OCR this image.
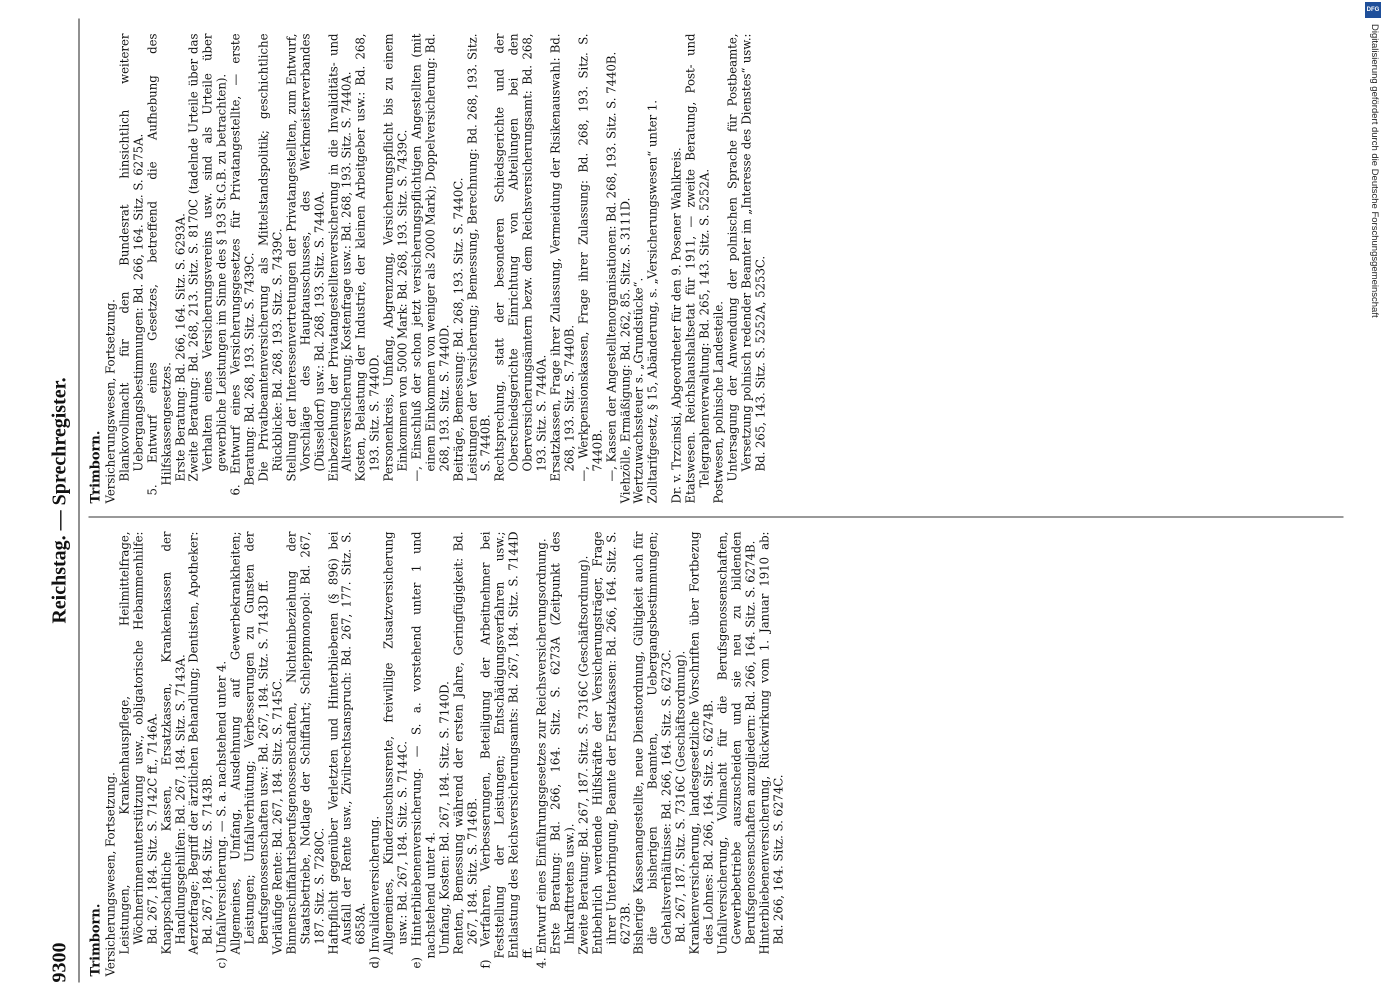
9300
Reichstag. — Sprechregister.
Trimborn. Versicherungswesen, Fortsetzung. Leistungen, Krankenhauspflege, Heilmittelfrage, Wöchnerinnenunterstützung usw., obligatorische Hebammenhilfe: Bd. 267, 184. Sitz. S. 7142C ff., 7146A. Knappschaftliche Kassen, Ersatzkassen, Krankenkassen der Handlungsgehilfen: Bd. 267, 184. Sitz. S. 7143A. Aerztefrage; Begriff der ärztlichen Behandlung; Dentisten, Apotheker: Bd. 267, 184. Sitz. S. 7143B. c) Unfallversicherung. — S. a. nachstehend unter 4. Allgemeines, Umfang, Ausdehnung auf Gewerbekrankheiten; Leistungen; Unfallverhütung; Verbesserungen zu Gunsten der Berufsgenossenschaften usw.: Bd. 267, 184. Sitz. S. 7143D ff. Vorläufige Rente: Bd. 267, 184. Sitz. S. 7145C. Binnenschiffahrtsberufsgenossenschaften, Nichteinbeziehung der Staatsbetriebe, Notlage der Schiffahrt; Schleppmonopol: Bd. 267, 187. Sitz. S. 7280C. Haftpflicht gegenüber Verletzten und Hinterbliebenen (§ 896) bei Ausfall der Rente usw., Zivilrechtsanspruch: Bd. 267, 177. Sitz. S. 6858A. d) Invalidenversicherung. Allgemeines, Kinderzuschussrente, freiwillige Zusatzversicherung usw.: Bd. 267, 184. Sitz. S. 7144C. e) Hinterbliebenenversicherung. — S. a. vorstehend unter 1 und nachstehend unter 4. Umfang, Kosten: Bd. 267, 184. Sitz. S. 7140D. Renten, Bemessung während der ersten Jahre, Geringfügigkeit: Bd. 267, 184. Sitz. S. 7146B. f) Verfahren, Verbesserungen, Beteiligung der Arbeitnehmer bei Feststellung der Leistungen; Entschädigungsverfahren usw.; Entlastung des Reichsversicherungsamts: Bd. 267, 184. Sitz. S. 7144D ff. 4. Entwurf eines Einführungsgesetzes zur Reichsversicherungsordnung. Erste Beratung: Bd. 266, 164. Sitz. S. 6273A (Zeitpunkt des Inkrafttretens usw.). Zweite Beratung: Bd. 267, 187. Sitz. S. 7316C (Geschäftsordnung). Entbehrlich werdende Hilfskräfte der Versicherungsträger, Frage ihrer Unterbringung, Beamte der Ersatzkassen: Bd. 266, 164. Sitz. S. 6273B. Bisherige Kassenangestellte, neue Dienstordnung, Gültigkeit auch für die bisherigen Beamten, Uebergangsbestimmungen; Gehaltsverhältnisse: Bd. 266, 164. Sitz. S. 6273C. Bd. 267, 187. Sitz. S. 7316C (Geschäftsordnung). Krankenversicherung, landesgesetzliche Vorschriften über Fortbezug des Lohnes: Bd. 266, 164. Sitz. S. 6274B. Unfallversicherung, Vollmacht für die Berufsgenossenschaften, Gewerbebetriebe auszuscheiden und sie neu zu bildenden Berufsgenossenschaften anzugliedern: Bd. 266, 164. Sitz. S. 6274B. Hinterbliebenenversicherung, Rückwirkung vom 1. Januar 1910 ab: Bd. 266, 164. Sitz. S. 6274C.

Trimborn. Versicherungswesen, Fortsetzung. Blankovollmacht für den Bundesrat hinsichtlich weiterer Uebergangsbestimmungen: Bd. 266, 164. Sitz. S. 6275A. 5. Entwurf eines Gesetzes, betreffend die Aufhebung des Hilfskassengesetzes. Erste Beratung: Bd. 266, 164. Sitz. S. 6293A. Zweite Beratung: Bd. 268, 213. Sitz. S. 8170C (tadelnde Urteile über das Verhalten eines Versicherungsvereins usw. sind als Urteile über gewerbliche Leistungen im Sinne des § 193 St.G.B. zu betrachten). 6. Entwurf eines Versicherungsgesetzes für Privatangestellte, — erste Beratung: Bd. 268, 193. Sitz. S. 7439C. Die Privatbeamtenversicherung als Mittelstandspolitik; geschichtliche Rückblicke: Bd. 268, 193. Sitz. S. 7439C. Stellung der Interessenvertretungen der Privatangestellten, zum Entwurf, Vorschläge des Hauptausschusses, des Werkmeisterverbandes (Düsseldorf) usw.: Bd. 268, 193. Sitz. S. 7440A. Einbeziehung der Privatangestelltenversicherung in die Invaliditäts- und Altersversicherung; Kostenfrage usw.: Bd. 268, 193. Sitz. S. 7440A. Kosten, Belastung der Industrie, der kleinen Arbeitgeber usw.: Bd. 268, 193. Sitz. S. 7440D. Personenkreis, Umfang, Abgrenzung, Versicherungspflicht bis zu einem Einkommen von 5000 Mark: Bd. 268, 193. Sitz. S. 7439C. —, Einschluß der schon jetzt versicherungspflichtigen Angestellten (mit einem Einkommen von weniger als 2000 Mark); Doppelversicherung: Bd. 268, 193. Sitz. S. 7440D. Beiträge, Bemessung: Bd. 268, 193. Sitz. S. 7440C. Leistungen der Versicherung; Bemessung, Berechnung: Bd. 268, 193. Sitz. S. 7440B. Rechtsprechung, statt der besonderen Schiedsgerichte und der Oberschiedsgerichte Einrichtung von Abteilungen bei den Oberversicherungsämtern bezw. dem Reichsversicherungsamt: Bd. 268, 193. Sitz. S. 7440A. Ersatzkassen, Frage ihrer Zulassung, Vermeidung der Risikenauswahl: Bd. 268, 193. Sitz. S. 7440B. —, Werkpensionskassen, Frage ihrer Zulassung: Bd. 268, 193. Sitz. S. 7440B. —, Kassen der Angestelltenorganisationen: Bd. 268, 193. Sitz. S. 7440B. Viehzölle, Ermäßigung: Bd. 262, 85. Sitz. S. 3111D. Wertzuwachssteuer s. „Grundstücke“. Zolltarifgesetz, § 15, Abänderung, s. „Versicherungswesen“ unter 1. Dr. v. Trzcinski, Abgeordneter für den 9. Posener Wahlkreis. Etatswesen. Reichshaushaltsetat für 1911, — zweite Beratung, Post- und Telegraphenverwaltung: Bd. 265, 143. Sitz. S. 5252A. Postwesen, polnische Landesteile. Untersagung der Anwendung der polnischen Sprache für Postbeamte, Versetzung polnisch redender Beamter im „Interesse des Dienstes“ usw.: Bd. 265, 143. Sitz. S. 5252A, 5253C.

DFG
Digitalisierung gefördert durch die Deutsche Forschungsgemeinschaft
